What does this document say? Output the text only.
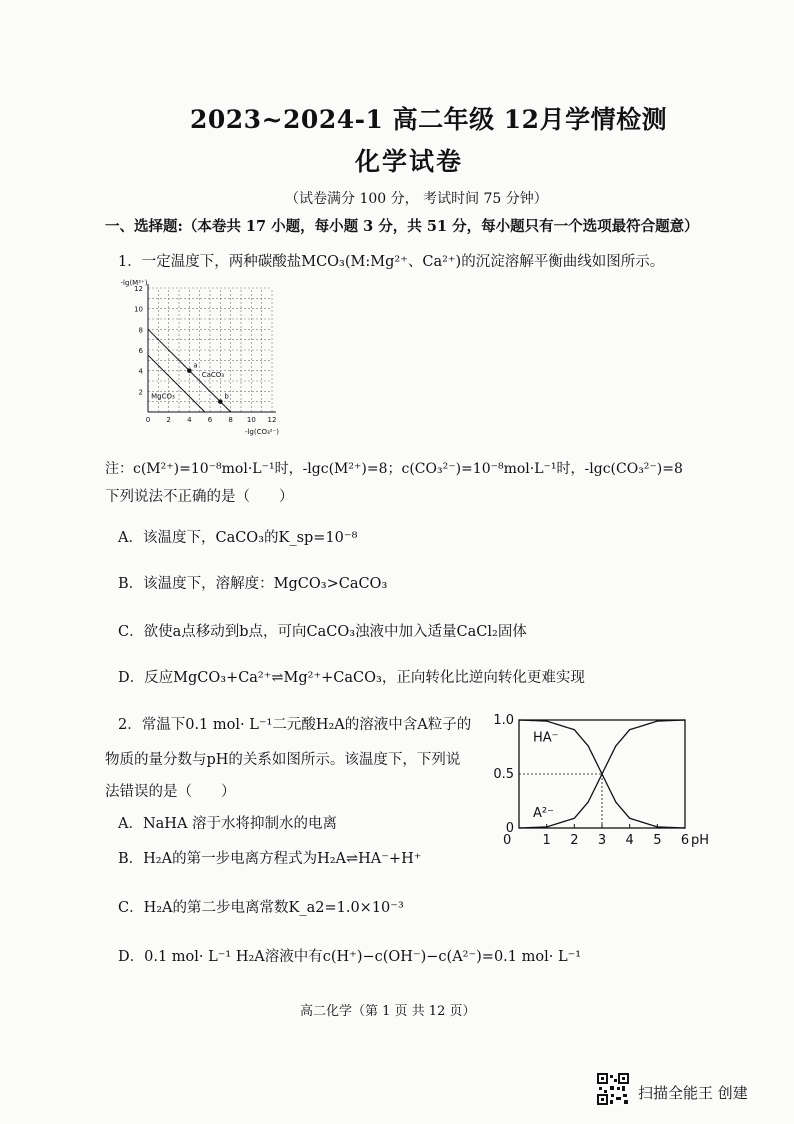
2023~2024-1 高二年级 12月学情检测
化学试卷
（试卷满分 100 分， 考试时间 75 分钟）
一、选择题:（本卷共 17 小题，每小题 3 分，共 51 分，每小题只有一个选项最符合题意）
1．一定温度下，两种碳酸盐MCO₃(M:Mg²⁺、Ca²⁺)的沉淀溶解平衡曲线如图所示。
-lg(M²⁺)
-lg(CO₃²⁻)
12
10
8
6
4
2
0 2 4 6 8 10 12
CaCO₃
MgCO₃
a
b
注：c(M²⁺)=10⁻⁸mol·L⁻¹时，-lgc(M²⁺)=8；c(CO₃²⁻)=10⁻⁸mol·L⁻¹时，-lgc(CO₃²⁻)=8
下列说法不正确的是（　　）
A．该温度下，CaCO₃的K_sp=10⁻⁸
B．该温度下，溶解度：MgCO₃>CaCO₃
C．欲使a点移动到b点，可向CaCO₃浊液中加入适量CaCl₂固体
D．反应MgCO₃+Ca²⁺⇌Mg²⁺+CaCO₃，正向转化比逆向转化更难实现
2．常温下0.1 mol· L⁻¹二元酸H₂A的溶液中含A粒子的
物质的量分数与pH的关系如图所示。该温度下，下列说
法错误的是（　　）
A．NaHA 溶于水将抑制水的电离
B．H₂A的第一步电离方程式为H₂A⇌HA⁻+H⁺
C．H₂A的第二步电离常数K_a2=1.0×10⁻³
D．0.1 mol· L⁻¹ H₂A溶液中有c(H⁺)−c(OH⁻)−c(A²⁻)=0.1 mol· L⁻¹
1.0
0.5
0
1 2 3 4 5 6 pH
HA⁻
A²⁻
0
高二化学（第 1 页 共 12 页）
扫描全能王 创建
